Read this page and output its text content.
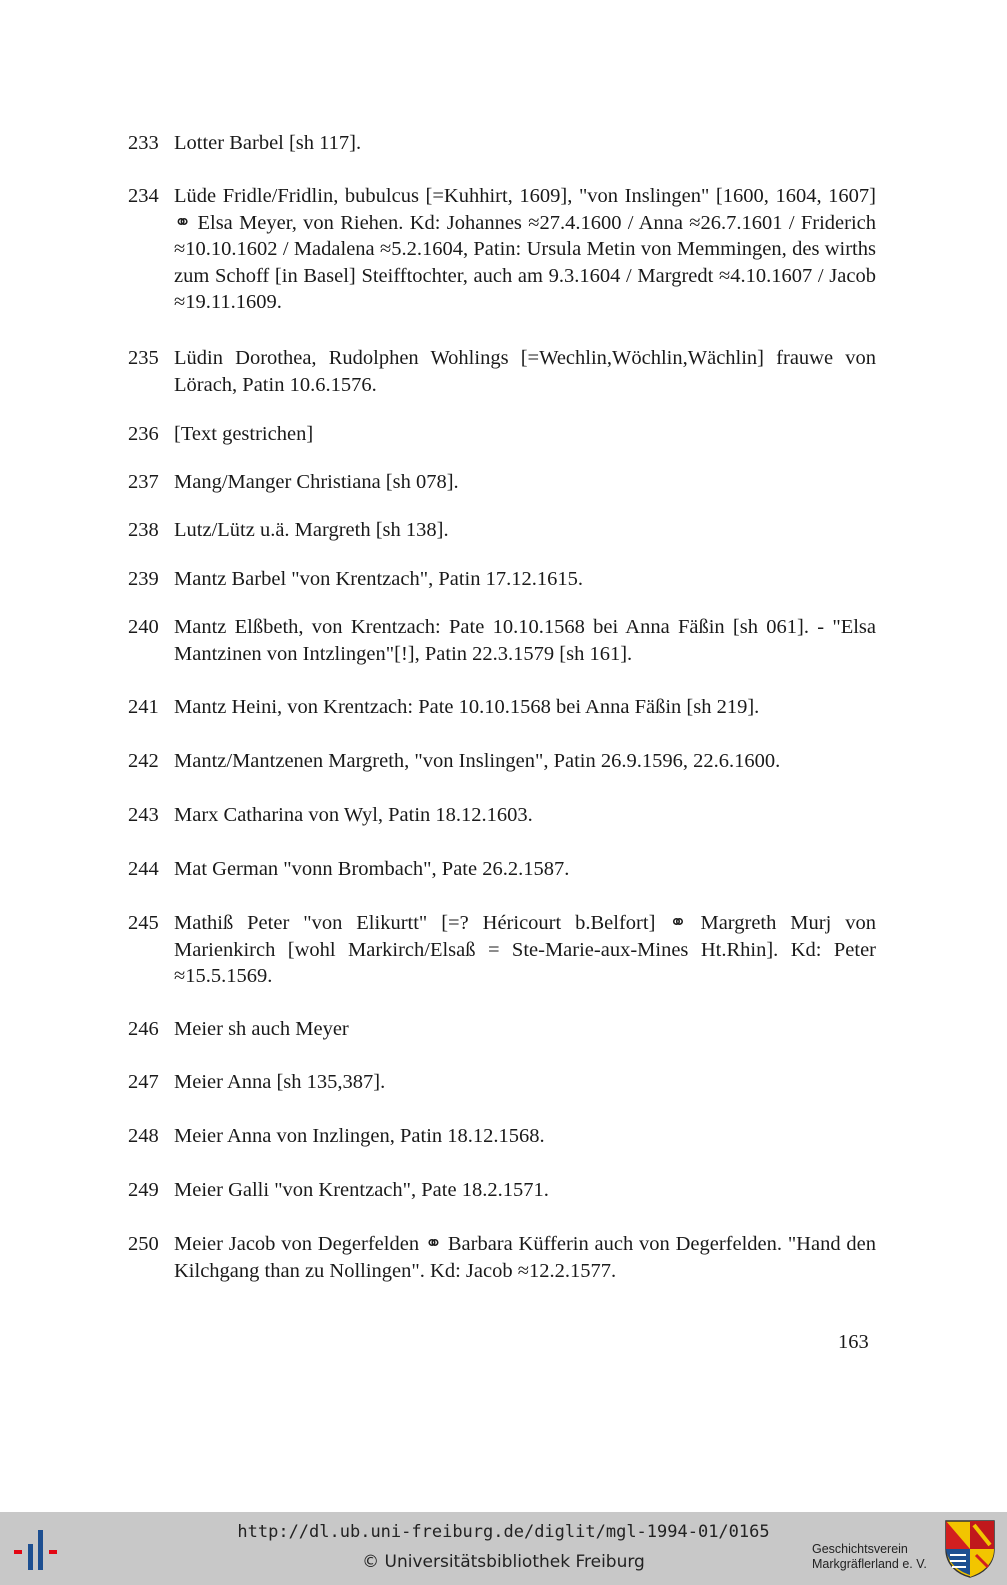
233 Lotter Barbel [sh 117].
234 Lüde Fridle/Fridlin, bubulcus [=Kuhhirt, 1609], "von Inslingen" [1600, 1604, 1607] ⚭ Elsa Meyer, von Riehen. Kd: Johannes ≈27.4.1600 / Anna ≈26.7.1601 / Friderich ≈10.10.1602 / Madalena ≈5.2.1604, Patin: Ursula Metin von Memmingen, des wirths zum Schoff [in Basel] Steifftochter, auch am 9.3.1604 / Margredt ≈4.10.1607 / Jacob ≈19.11.1609.
235 Lüdin Dorothea, Rudolphen Wohlings [=Wechlin,Wöchlin,Wächlin] frauwe von Lörach, Patin 10.6.1576.
236 [Text gestrichen]
237 Mang/Manger Christiana [sh 078].
238 Lutz/Lütz u.ä. Margreth [sh 138].
239 Mantz Barbel "von Krentzach", Patin 17.12.1615.
240 Mantz Elßbeth, von Krentzach: Pate 10.10.1568 bei Anna Fäßin [sh 061]. - "Elsa Mantzinen von Intzlingen"[!], Patin 22.3.1579 [sh 161].
241 Mantz Heini, von Krentzach: Pate 10.10.1568 bei Anna Fäßin [sh 219].
242 Mantz/Mantzenen Margreth, "von Inslingen", Patin 26.9.1596, 22.6.1600.
243 Marx Catharina von Wyl, Patin 18.12.1603.
244 Mat German "vonn Brombach", Pate 26.2.1587.
245 Mathiß Peter "von Elikurtt" [=? Héricourt b.Belfort] ⚭ Margreth Murj von Marienkirch [wohl Markirch/Elsaß = Ste-Marie-aux-Mines Ht.Rhin]. Kd: Peter ≈15.5.1569.
246 Meier sh auch Meyer
247 Meier Anna [sh 135,387].
248 Meier Anna von Inzlingen, Patin 18.12.1568.
249 Meier Galli "von Krentzach", Pate 18.2.1571.
250 Meier Jacob von Degerfelden ⚭ Barbara Küfferin auch von Degerfelden. "Hand den Kilchgang than zu Nollingen". Kd: Jacob ≈12.2.1577.
163
http://dl.ub.uni-freiburg.de/diglit/mgl-1994-01/0165
© Universitätsbibliothek Freiburg
Geschichtsverein
Markgräflerland e. V.
